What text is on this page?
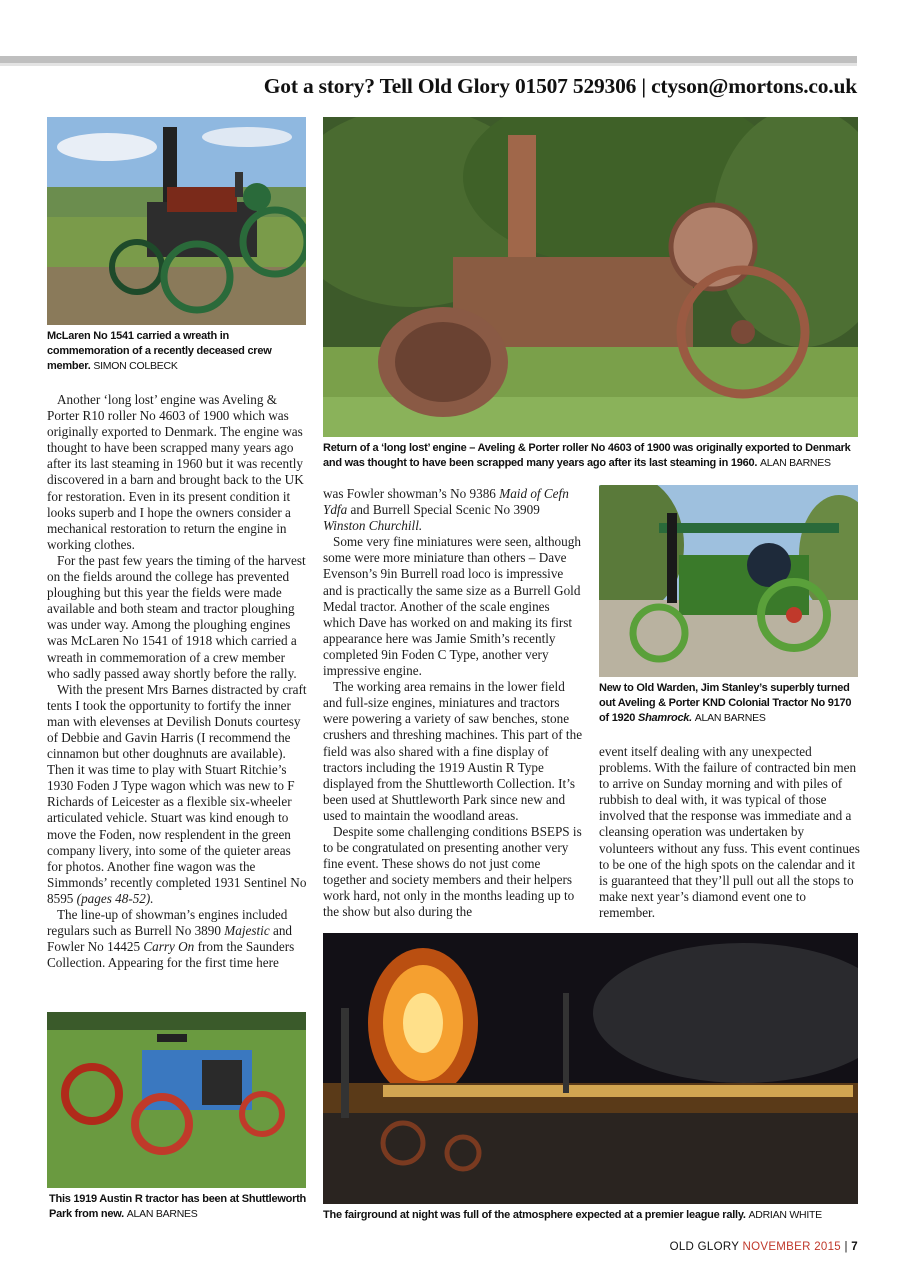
Got a story? Tell Old Glory 01507 529306 | ctyson@mortons.co.uk
McLaren No 1541 carried a wreath in commemoration of a recently deceased crew member. SIMON COLBECK
Return of a ‘long lost’ engine – Aveling & Porter roller No 4603 of 1900 was originally exported to Denmark and was thought to have been scrapped many years ago after its last steaming in 1960. ALAN BARNES
New to Old Warden, Jim Stanley’s superbly turned out Aveling & Porter KND Colonial Tractor No 9170 of 1920 Shamrock. ALAN BARNES
This 1919 Austin R tractor has been at Shuttleworth Park from new. ALAN BARNES	The fairground at night was full of the atmosphere expected at a premier league rally. ADRIAN WHITE

Another ‘long lost’ engine was Aveling & Porter R10 roller No 4603 of 1900 which was originally exported to Denmark. The engine was thought to have been scrapped many years ago after its last steaming in 1960 but it was recently discovered in a barn and brought back to the UK for restoration. Even in its present condition it looks superb and I hope the owners consider a mechanical restoration to return the engine in working clothes.

For the past few years the timing of the harvest on the fields around the college has prevented ploughing but this year the fields were made available and both steam and tractor ploughing was under way. Among the ploughing engines was McLaren No 1541 of 1918 which carried a wreath in commemoration of a crew member who sadly passed away shortly before the rally.

With the present Mrs Barnes distracted by craft tents I took the opportunity to fortify the inner man with elevenses at Devilish Donuts courtesy of Debbie and Gavin Harris (I recommend the cinnamon but other doughnuts are available). Then it was time to play with Stuart Ritchie’s 1930 Foden J Type wagon which was new to F Richards of Leicester as a flexible six-wheeler articulated vehicle. Stuart was kind enough to move the Foden, now resplendent in the green company livery, into some of the quieter areas for photos. Another fine wagon was the Simmonds’ recently completed 1931 Sentinel No 8595 (pages 48-52).

The line-up of showman’s engines included regulars such as Burrell No 3890 Majestic and Fowler No 14425 Carry On from the Saunders Collection. Appearing for the first time here

was Fowler showman’s No 9386 Maid of Cefn Ydfa and Burrell Special Scenic No 3909 Winston Churchill.

Some very fine miniatures were seen, although some were more miniature than others – Dave Evenson’s 9in Burrell road loco is impressive and is practically the same size as a Burrell Gold Medal tractor. Another of the scale engines which Dave has worked on and making its first appearance here was Jamie Smith’s recently completed 9in Foden C Type, another very impressive engine.

The working area remains in the lower field and full-size engines, miniatures and tractors were powering a variety of saw benches, stone crushers and threshing machines. This part of the field was also shared with a fine display of tractors including the 1919 Austin R Type displayed from the Shuttleworth Collection. It’s been used at Shuttleworth Park since new and used to maintain the woodland areas.

Despite some challenging conditions BSEPS is to be congratulated on presenting another very fine event. These shows do not just come together and society members and their helpers work hard, not only in the months leading up to the show but also during the

event itself dealing with any unexpected problems. With the failure of contracted bin men to arrive on Sunday morning and with piles of rubbish to deal with, it was typical of those involved that the response was immediate and a cleansing operation was undertaken by volunteers without any fuss. This event continues to be one of the high spots on the calendar and it is guaranteed that they’ll pull out all the stops to make next year’s diamond event one to remember.

OLD GLORY NOVEMBER 2015 | 7
